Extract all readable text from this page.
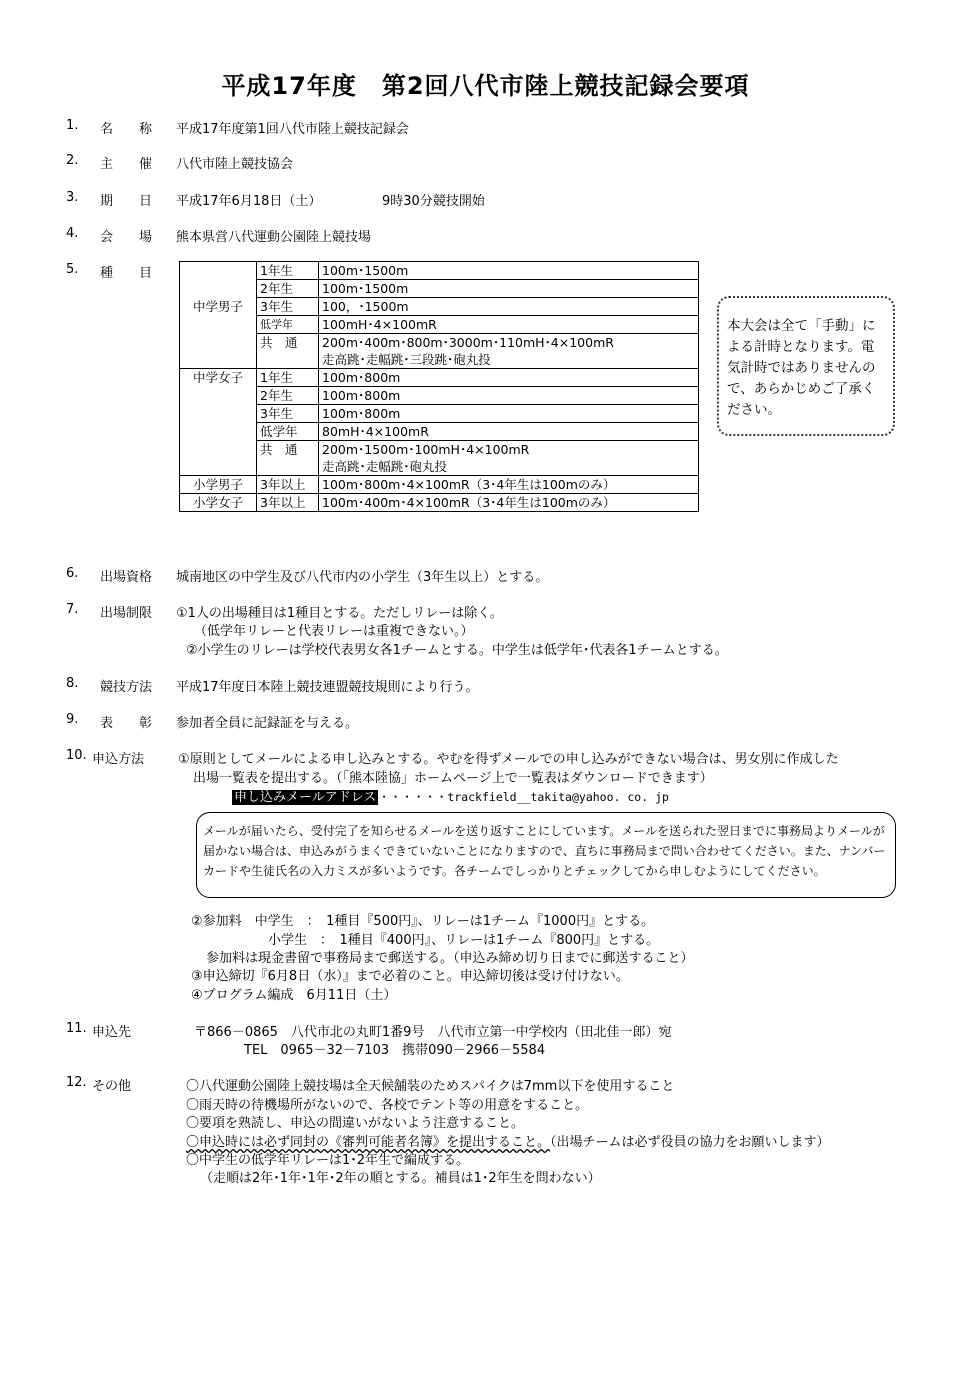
平成17年度　第2回八代市陸上競技記録会要項
1. 名　　称 平成17年度第1回八代市陸上競技記録会
2. 主　　催 八代市陸上競技協会
3. 期　　日 平成17年6月18日（土）	9時30分競技開始
4. 会　　場 熊本県営八代運動公園陸上競技場
5. 種　　目
中学男子	1年生	100m･1500m
	2年生	100m･1500m
	3年生	100，･1500m
	低学年	100mH･4×100mR
	共　通	200m･400m･800m･3000m･110mH･4×100mR
		走高跳･走幅跳･三段跳･砲丸投
中学女子	1年生	100m･800m
	2年生	100m･800m
	3年生	100m･800m
	低学年	80mH･4×100mR
	共　通	200m･1500m･100mH･4×100mR
		走高跳･走幅跳･砲丸投
小学男子	3年以上	100m･800m･4×100mR（3･4年生は100mのみ）
小学女子	3年以上	100m･400m･4×100mR（3･4年生は100mのみ）
本大会は全て「手動」による計時となります。電気計時ではありませんので、あらかじめご了承ください。
6. 出場資格 城南地区の中学生及び八代市内の小学生（3年生以上）とする。
7. 出場制限 ①1人の出場種目は1種目とする。ただしリレーは除く。
（低学年リレーと代表リレーは重複できない。）
②小学生のリレーは学校代表男女各1チームとする。中学生は低学年･代表各1チームとする。
8. 競技方法 平成17年度日本陸上競技連盟競技規則により行う。
9. 表　　彰 参加者全員に記録証を与える。
10. 申込方法	①原則としてメールによる申し込みとする。やむを得ずメールでの申し込みができない場合は、男女別に作成した
出場一覧表を提出する。（「熊本陸協」ホームページ上で一覧表はダウンロードできます）
申し込みメールアドレス ・・・・・・trackfield__takita@yahoo. co. jp
メールが届いたら、受付完了を知らせるメールを送り返すことにしています。メールを送られた翌日までに事務局よりメールが届かない場合は、申込みがうまくできていないことになりますので、直ちに事務局まで問い合わせてください。また、ナンバーカードや生徒氏名の入力ミスが多いようです。各チームでしっかりとチェックしてから申しむようにしてください。
②参加料　中学生　：　1種目『500円』、リレーは1チーム『1000円』とする。
小学生　：　1種目『400円』、リレーは1チーム『800円』とする。
参加料は現金書留で事務局まで郵送する。（申込み締め切り日までに郵送すること）
③申込締切『6月8日（水）』まで必着のこと。申込締切後は受け付けない。
④プログラム編成　6月11日（土）
11. 申込先	〒866－0865　八代市北の丸町1番9号　八代市立第一中学校内（田北佳一郎）宛
TEL　0965－32－7103　携帯090－2966－5584
12. その他	〇八代運動公園陸上競技場は全天候舗装のためスパイクは7mm以下を使用すること
〇雨天時の待機場所がないので、各校でテント等の用意をすること。
〇要項を熟読し、申込の間違いがないよう注意すること。
〇申込時には必ず同封の《審判可能者名簿》を提出すること。（出場チームは必ず役員の協力をお願いします）
〇中学生の低学年リレーは1･2年生で編成する。
（走順は2年･1年･1年･2年の順とする。補員は1･2年生を問わない）
